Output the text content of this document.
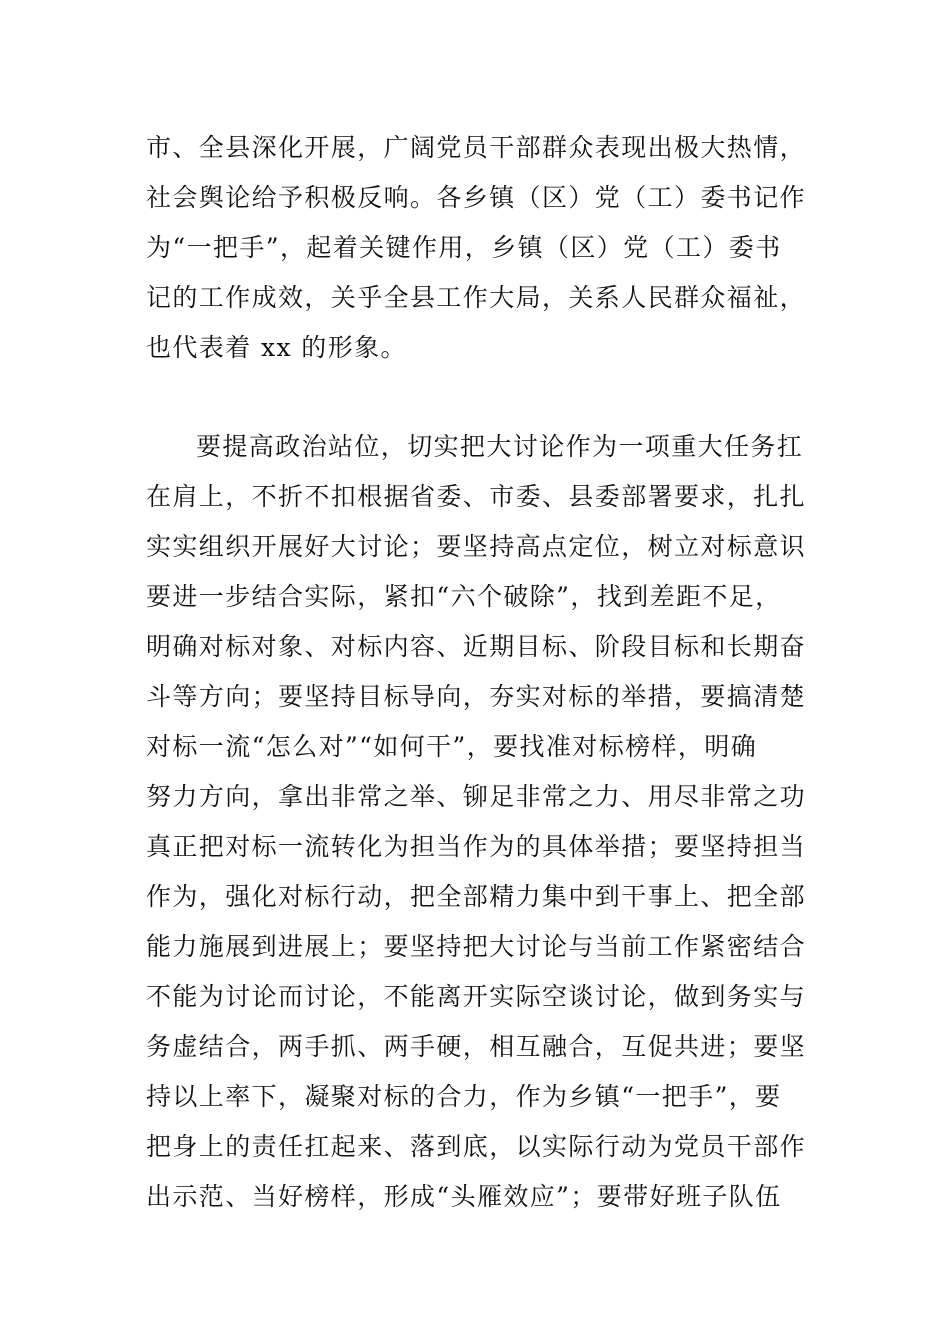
市、全县深化开展，广阔党员干部群众表现出极大热情，
社会舆论给予积极反响。各乡镇（区）党（工）委书记作
为“一把手”，起着关键作用，乡镇（区）党（工）委书
记的工作成效，关乎全县工作大局，关系人民群众福祉，
也代表着 xx 的形象。
要提高政治站位，切实把大讨论作为一项重大任务扛
在肩上，不折不扣根据省委、市委、县委部署要求，扎扎
实实组织开展好大讨论；要坚持高点定位，树立对标意识
要进一步结合实际，紧扣“六个破除”，找到差距不足，
明确对标对象、对标内容、近期目标、阶段目标和长期奋
斗等方向；要坚持目标导向，夯实对标的举措，要搞清楚
对标一流“怎么对”“如何干”，要找准对标榜样，明确
努力方向，拿出非常之举、铆足非常之力、用尽非常之功
真正把对标一流转化为担当作为的具体举措；要坚持担当
作为，强化对标行动，把全部精力集中到干事上、把全部
能力施展到进展上；要坚持把大讨论与当前工作紧密结合
不能为讨论而讨论，不能离开实际空谈讨论，做到务实与
务虚结合，两手抓、两手硬，相互融合，互促共进；要坚
持以上率下，凝聚对标的合力，作为乡镇“一把手”，要
把身上的责任扛起来、落到底，以实际行动为党员干部作
出示范、当好榜样，形成“头雁效应”；要带好班子队伍
